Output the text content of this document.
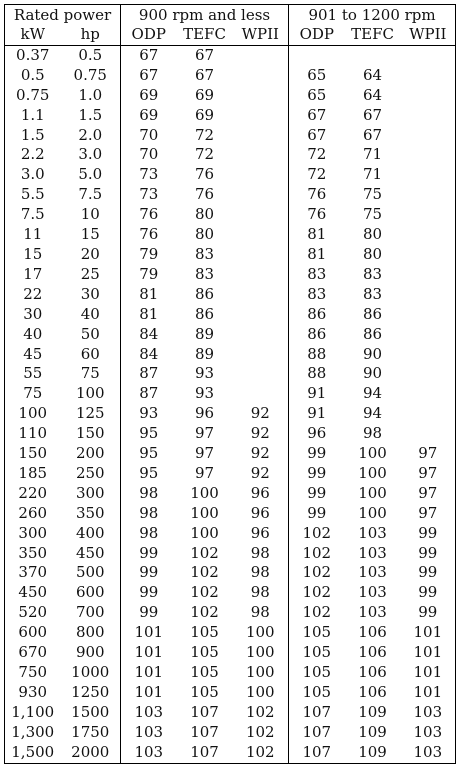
Rated power		900 rpm and less			901 to 1200 rpm		
kW	hp	ODP	TEFC	WPII	ODP	TEFC	WPII
0.37	0.5	67	67				
0.5	0.75	67	67		65	64	
0.75	1.0	69	69		65	64	
1.1	1.5	69	69		67	67	
1.5	2.0	70	72		67	67	
2.2	3.0	70	72		72	71	
3.0	5.0	73	76		72	71	
5.5	7.5	73	76		76	75	
7.5	10	76	80		76	75	
11	15	76	80		81	80	
15	20	79	83		81	80	
17	25	79	83		83	83	
22	30	81	86		83	83	
30	40	81	86		86	86	
40	50	84	89		86	86	
45	60	84	89		88	90	
55	75	87	93		88	90	
75	100	87	93		91	94	
100	125	93	96	92	91	94	
110	150	95	97	92	96	98	
150	200	95	97	92	99	100	97
185	250	95	97	92	99	100	97
220	300	98	100	96	99	100	97
260	350	98	100	96	99	100	97
300	400	98	100	96	102	103	99
350	450	99	102	98	102	103	99
370	500	99	102	98	102	103	99
450	600	99	102	98	102	103	99
520	700	99	102	98	102	103	99
600	800	101	105	100	105	106	101
670	900	101	105	100	105	106	101
750	1000	101	105	100	105	106	101
930	1250	101	105	100	105	106	101
1,100	1500	103	107	102	107	109	103
1,300	1750	103	107	102	107	109	103
1,500	2000	103	107	102	107	109	103
